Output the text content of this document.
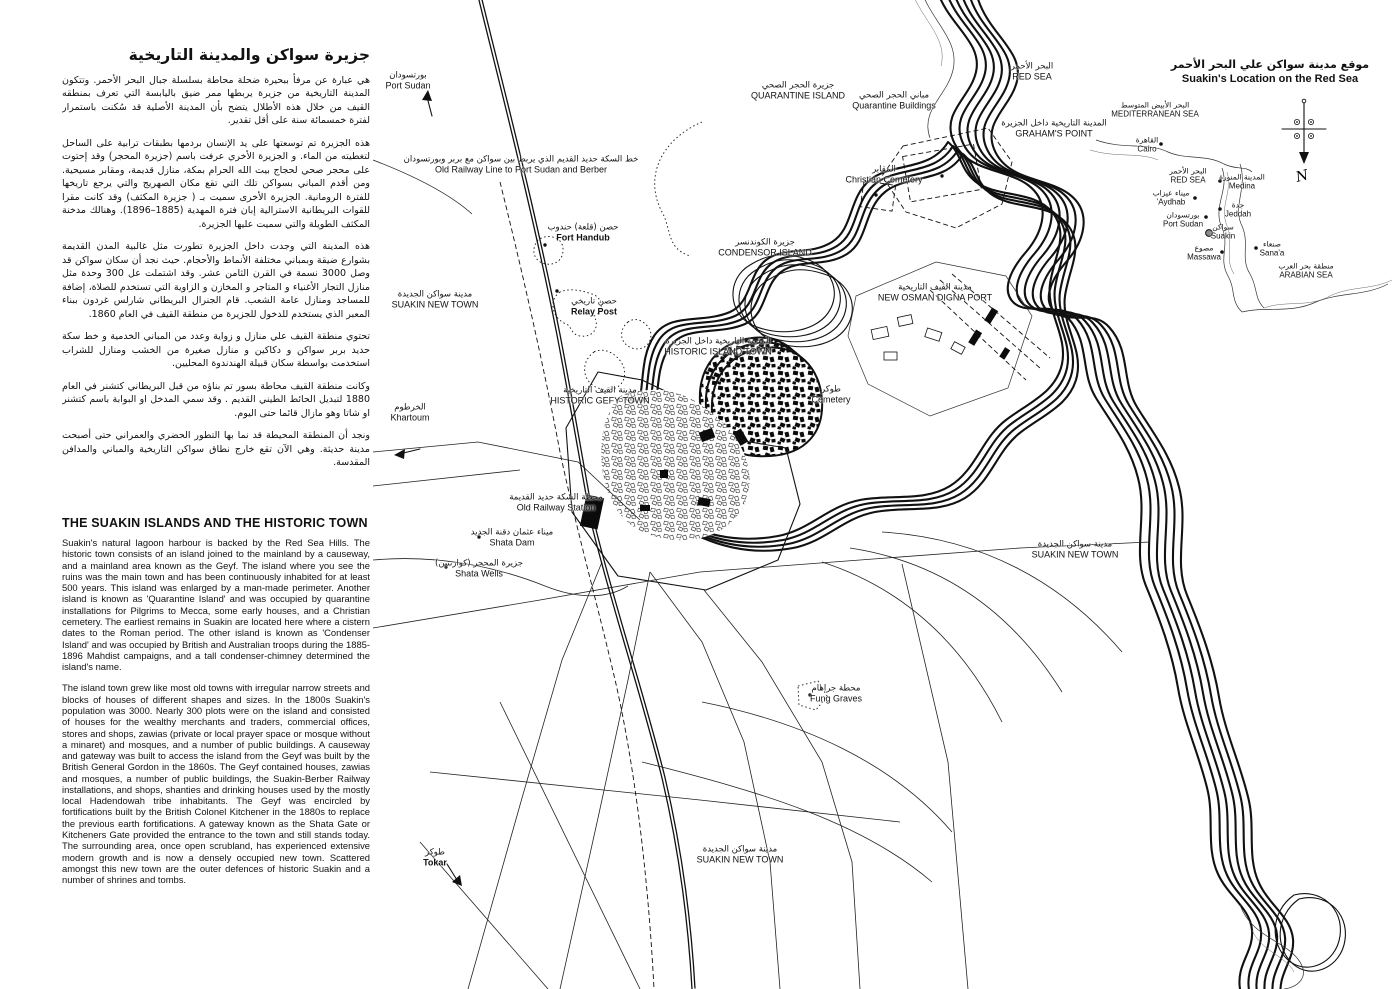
N
جزيرة سواكن والمدينة التاريخية

هي عبارة عن مرفأ ببحيرة ضحلة محاطة بسلسلة جبال البحر الأحمر. وتتكون المدينة التاريخية من جزيرة يربطها ممر ضيق باليابسة التي تعرف بمنطقه القيف من خلال هذه الأطلال يتضح بأن المدينة الأصلية قد سُكنت باستمرار لفترة خمسمائة سنة على أقل تقدير.

هذه الجزيرة تم توسعتها على يد الإنسان بردمها بطبقات ترابية على الساحل لتغطيته من الماء. و الجزيرة الأخري عرفت باسم (جزيرة المحجر) وقد إحتوت على محجر صحي لحجاج بيت الله الحرام بمكة، منازل قديمة، ومقابر مسيحية. ومن أقدم المباني بسواكن تلك التي تقع مكان الصهريج والتي يرجع تاريخها للفترة الرومانية. الجزيرة الأخرى سميت بـ ( جزيرة المكثف) وقد كانت مقرا للقوات البريطانية الاسترالية إبان فترة المهدية (1885–1896). وهنالك مدخنة المكثف الطويلة والتي سميت عليها الجزيرة.

هذه المدينة التي وجدت داخل الجزيرة تطورت مثل غالبية المدن القديمة بشوارع ضيقة وبمباني مختلفة الأنماط والأحجام. حيث نجد أن سكان سواكن قد وصل 3000 نسمة في القرن الثامن عشر. وقد اشتملت عل 300 وحدة مثل منازل التجار الأغنياء و المتاجر و المخازن و الزاوية التي تستخدم للصلاة، إضافة للمساجد ومنازل عامة الشعب. قام الجنرال البريطاني شارلس غردون ببناء المعبر الذي يستخدم للدخول للجزيرة من منطقة القيف في العام 1860.

تحتوي منطقة القيف علي منازل و زواية وعدد من المباني الخدمية و خط سكة حديد بربر سواكن و دكاكين و منازل صغيرة من الخشب ومنازل للشراب استخدمت بواسطة سكان قبيلة الهندندوة المحليين.

وكانت منطقة القيف محاطة بسور تم بناؤه من قبل البريطاني كتشنر في العام 1880 لتبديل الحائط الطيني القديم . وقد سمي المدخل او البوابة باسم كتشنر او شاتا وهو مازال قائما حتى اليوم.

ونجد أن المنطقة المحيطة قد نما بها التطور الحضري والعمراني حتى أصبحت مدينة حديثة. وهي الآن تقع خارج نطاق سواكن التاريخية والمباني والمدافن المقدسة.

THE SUAKIN ISLANDS AND THE HISTORIC TOWN

Suakin's natural lagoon harbour is backed by the Red Sea Hills. The historic town consists of an island joined to the mainland by a causeway, and a mainland area known as the Geyf. The island where you see the ruins was the main town and has been continuously inhabited for at least 500 years. This island was enlarged by a man-made perimeter. Another island is known as 'Quarantine Island' and was occupied by quarantine installations for Pilgrims to Mecca, some early houses, and a Christian cemetery. The earliest remains in Suakin are located here where a cistern dates to the Roman period. The other island is known as 'Condenser Island' and was occupied by British and Australian troops during the 1885-1896 Mahdist campaigns, and a tall condenser-chimney determined the island's name.

The island town grew like most old towns with irregular narrow streets and blocks of houses of different shapes and sizes. In the 1800s Suakin's population was 3000. Nearly 300 plots were on the island and consisted of houses for the wealthy merchants and traders, commercial offices, stores and shops, zawias (private or local prayer space or mosque without a minaret) and mosques, and a number of public buildings. A causeway and gateway was built to access the island from the Geyf was built by the British General Gordon in the 1860s. The Geyf contained houses, zawias and mosques, a number of public buildings, the Suakin-Berber Railway installations, and shops, shanties and drinking houses used by the mostly local Hadendowah tribe inhabitants. The Geyf was encircled by fortifications built by the British Colonel Kitchener in the 1880s to replace the previous earth fortifications. A gateway known as the Shata Gate or Kitcheners Gate provided the entrance to the town and still stands today. The surrounding area, once open scrubland, has experienced extensive modern growth and is now a densely occupied new town. Scattered amongst this new town are the outer defences of historic Suakin and a number of shrines and tombs.

موقع مدينة سواكن علي البحر الأحمر
Suakin's Location on the Red Sea
بورتسودان
Port Sudan
خط السكة حديد القديم الذي يربط بين سواكن مع بربر وبورتسودان
Old Railway Line to Port Sudan and Berber
حصن (قلعة) حندوب
Fort Handub
جزيرة الحجر الصحي
QUARANTINE ISLAND	مباني الحجر الصحي
Quarantine Buildings
البحر الأحمر
RED SEA
المدينة التاريخية داخل الجزيرة
GRAHAM'S POINT
المقابر
Christian Cemetery
جزيرة الكوندنسر
CONDENSOR ISLAND
حصن تاريخي
Relay Post
مدينة سواكن الجديدة
SUAKIN NEW TOWN
مدينة القيف التاريخية
NEW OSMAN DIGNA PORT
المدينة التاريخية داخل الجزيرة
HISTORIC ISLAND TOWN
مدينة القيف التاريخية
HISTORIC GEFY TOWN
طوكر
Cemetery
الخرطوم
Khartoum
محطة السكة حديد القديمة
Old Railway Station
ميناء عثمان دقنة الجديد
Shata Dam
جزيرة المحجر (كوارنتين)
Shata Wells
مدينة سواكن الجديدة
SUAKIN NEW TOWN
محطة جراهام
Fung Graves
مدينة سواكن الجديدة
SUAKIN NEW TOWN
طوكر
Tokar
البحر الأبيض المتوسط
MEDITERRANEAN SEA
القاهرة
Cairo
البحر الأحمر
RED SEA المدينة المنورة
Medina
ميناء عيزاب
'Aydhab	جدة
Jeddah
بورتسودان
Port Sudan سواكن
Suakin
مصوع
Massawa
صنعاء
Sana'a
منطقة بحر العرب
ARABIAN SEA
